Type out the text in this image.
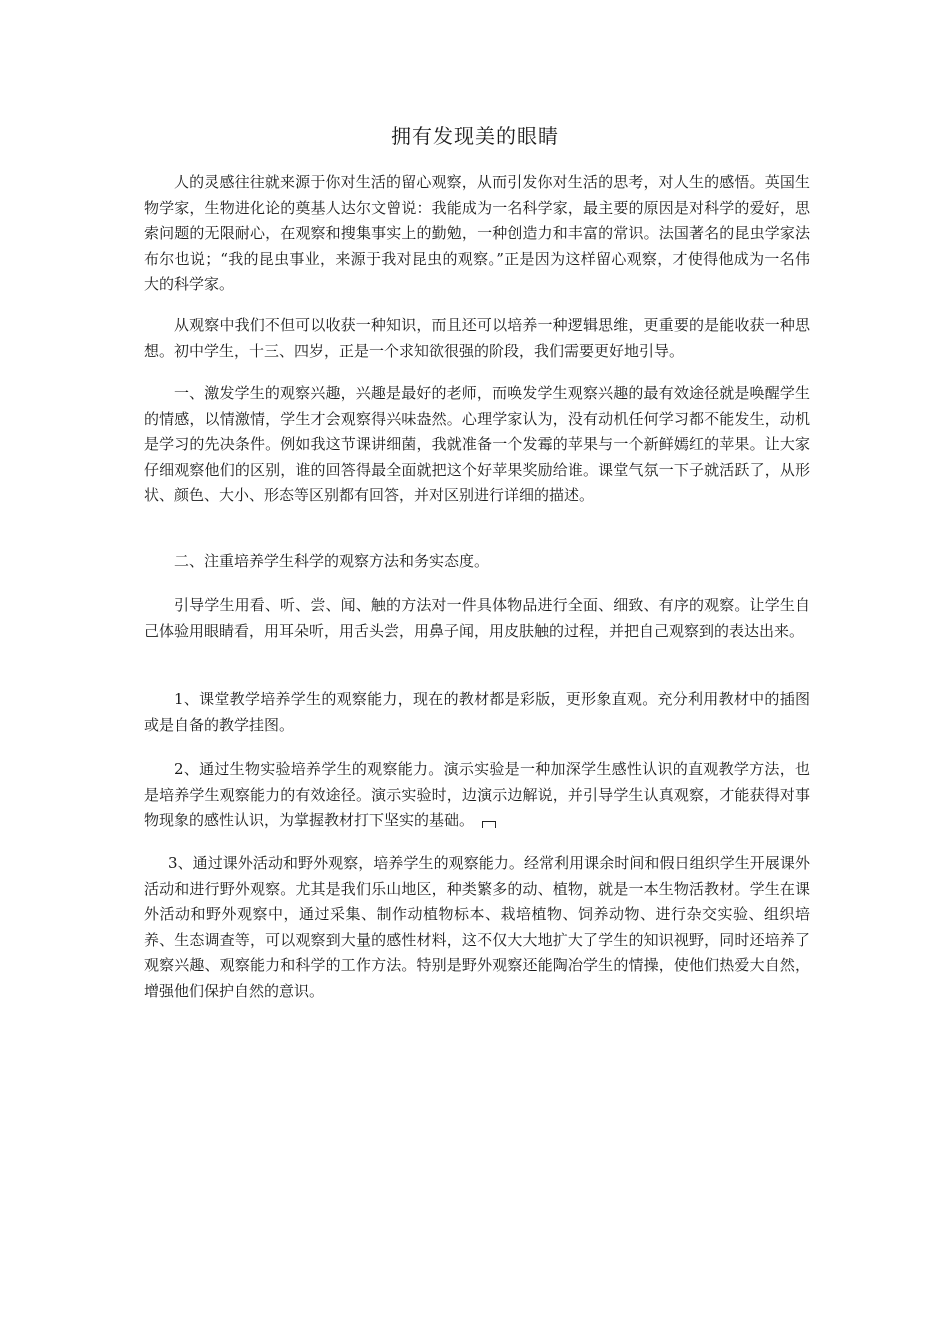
拥有发现美的眼睛

人的灵感往往就来源于你对生活的留心观察，从而引发你对生活的思考，对人生的感悟。英国生物学家，生物进化论的奠基人达尔文曾说：我能成为一名科学家，最主要的原因是对科学的爱好，思索问题的无限耐心，在观察和搜集事实上的勤勉，一种创造力和丰富的常识。法国著名的昆虫学家法布尔也说；“我的昆虫事业，来源于我对昆虫的观察。”正是因为这样留心观察，才使得他成为一名伟大的科学家。

从观察中我们不但可以收获一种知识，而且还可以培养一种逻辑思维，更重要的是能收获一种思想。初中学生，十三、四岁，正是一个求知欲很强的阶段，我们需要更好地引导。

一、激发学生的观察兴趣，兴趣是最好的老师，而唤发学生观察兴趣的最有效途径就是唤醒学生的情感，以情激情，学生才会观察得兴味盎然。心理学家认为，没有动机任何学习都不能发生，动机是学习的先决条件。例如我这节课讲细菌，我就准备一个发霉的苹果与一个新鲜嫣红的苹果。让大家仔细观察他们的区别，谁的回答得最全面就把这个好苹果奖励给谁。课堂气氛一下子就活跃了，从形状、颜色、大小、形态等区别都有回答，并对区别进行详细的描述。

二、注重培养学生科学的观察方法和务实态度。

引导学生用看、听、尝、闻、触的方法对一件具体物品进行全面、细致、有序的观察。让学生自己体验用眼睛看，用耳朵听，用舌头尝，用鼻子闻，用皮肤触的过程，并把自己观察到的表达出来。

1、课堂教学培养学生的观察能力，现在的教材都是彩版，更形象直观。充分利用教材中的插图或是自备的教学挂图。

2、通过生物实验培养学生的观察能力。演示实验是一种加深学生感性认识的直观教学方法，也是培养学生观察能力的有效途径。演示实验时，边演示边解说，并引导学生认真观察，才能获得对事物现象的感性认识，为掌握教材打下坚实的基础。

3、通过课外活动和野外观察，培养学生的观察能力。经常利用课余时间和假日组织学生开展课外活动和进行野外观察。尤其是我们乐山地区，种类繁多的动、植物，就是一本生物活教材。学生在课外活动和野外观察中，通过采集、制作动植物标本、栽培植物、饲养动物、进行杂交实验、组织培养、生态调查等，可以观察到大量的感性材料，这不仅大大地扩大了学生的知识视野，同时还培养了观察兴趣、观察能力和科学的工作方法。特别是野外观察还能陶冶学生的情操，使他们热爱大自然，增强他们保护自然的意识。
